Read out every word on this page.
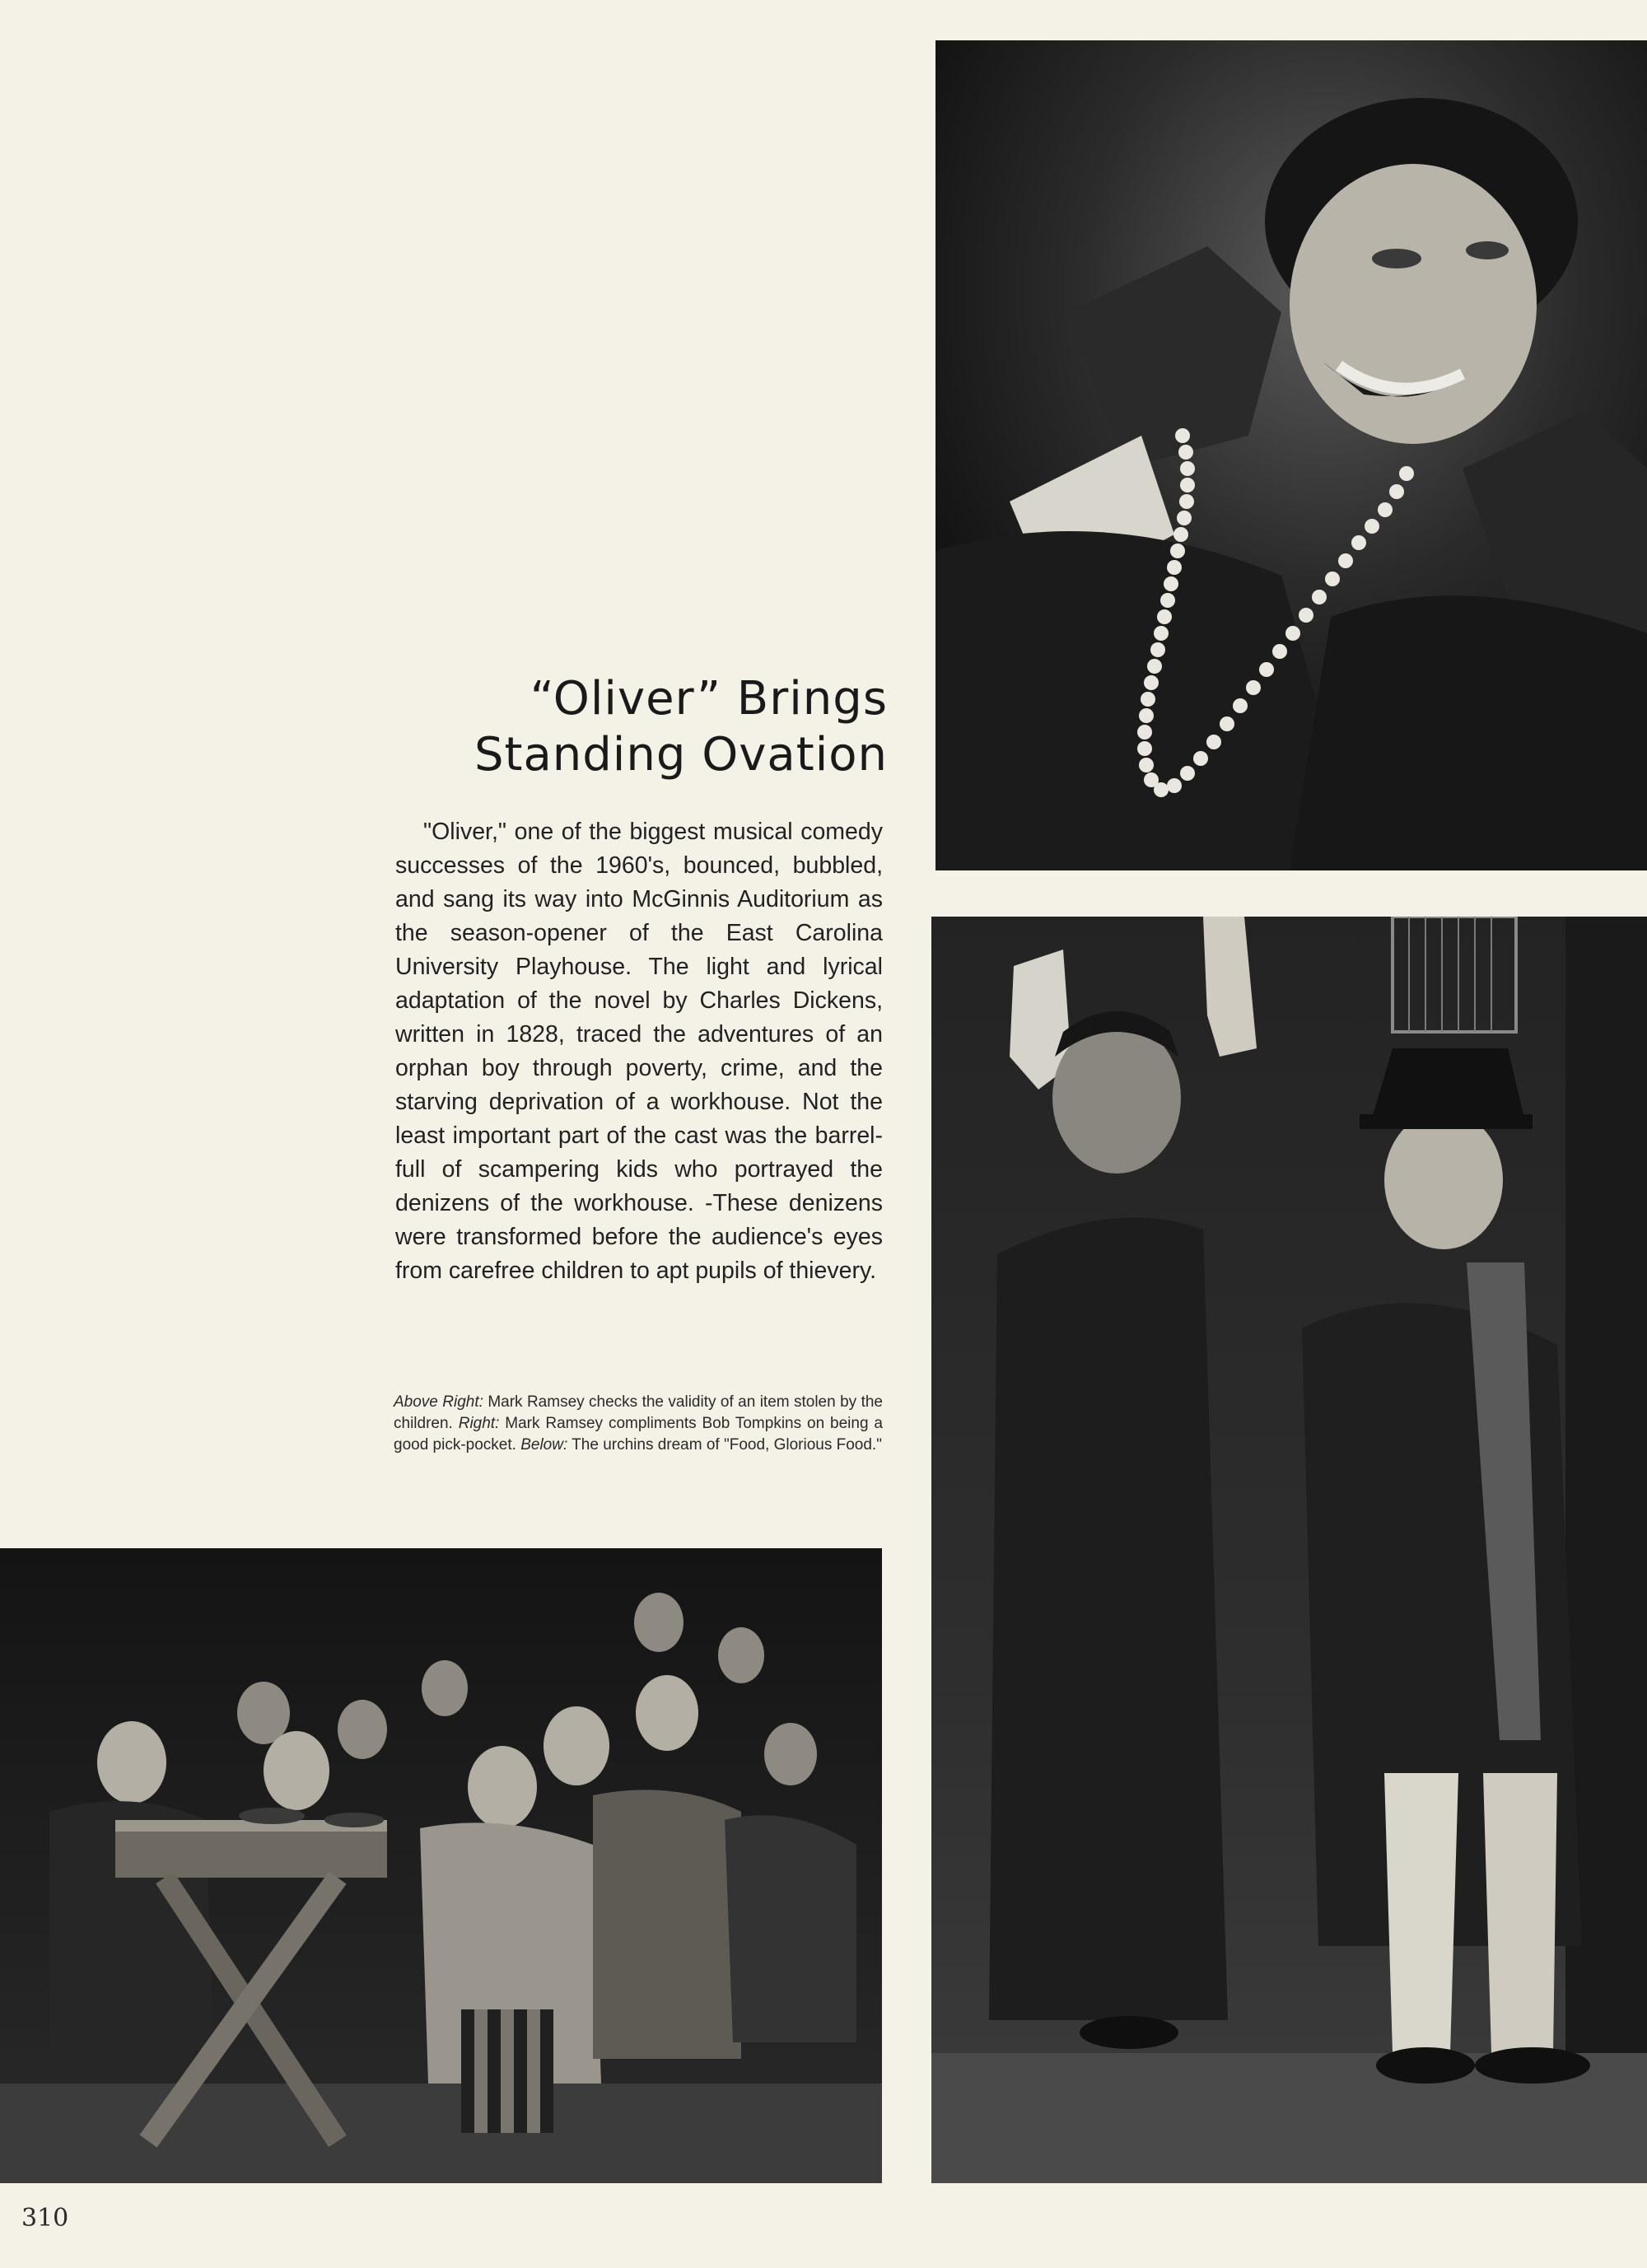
“Oliver” Brings
Standing Ovation

"Oliver," one of the biggest musical comedy successes of the 1960's, bounced, bubbled, and sang its way into McGinnis Auditorium as the season-opener of the East Carolina University Playhouse. The light and lyrical adaptation of the novel by Charles Dickens, written in 1828, traced the adventures of an orphan boy through poverty, crime, and the starving deprivation of a workhouse. Not the least important part of the cast was the barrel-full of scampering kids who portrayed the denizens of the workhouse. -These denizens were transformed before the audience's eyes from carefree children to apt pupils of thievery.

Above Right: Mark Ramsey checks the validity of an item stolen by the children. Right: Mark Ramsey compliments Bob Tompkins on being a good pick-pocket. Below: The urchins dream of "Food, Glorious Food."

310
